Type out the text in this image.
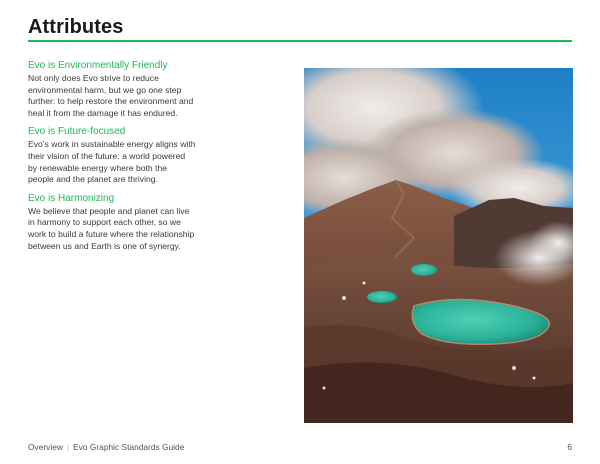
Attributes
Evo is Environmentally Friendly
Not only does Evo strive to reduce
environmental harm, but we go one step
further: to help restore the environment and
heal it from the damage it has endured.
Evo is Future-focused
Evo’s work in sustainable energy aligns with
their vision of the future: a world powered
by renewable energy where both the
people and the planet are thriving.
Evo is Harmonizing
We believe that people and planet can live
in harmony to support each other, so we
work to build a future where the relationship
between us and Earth is one of synergy.
Overview | Evo Graphic Standards Guide	6
